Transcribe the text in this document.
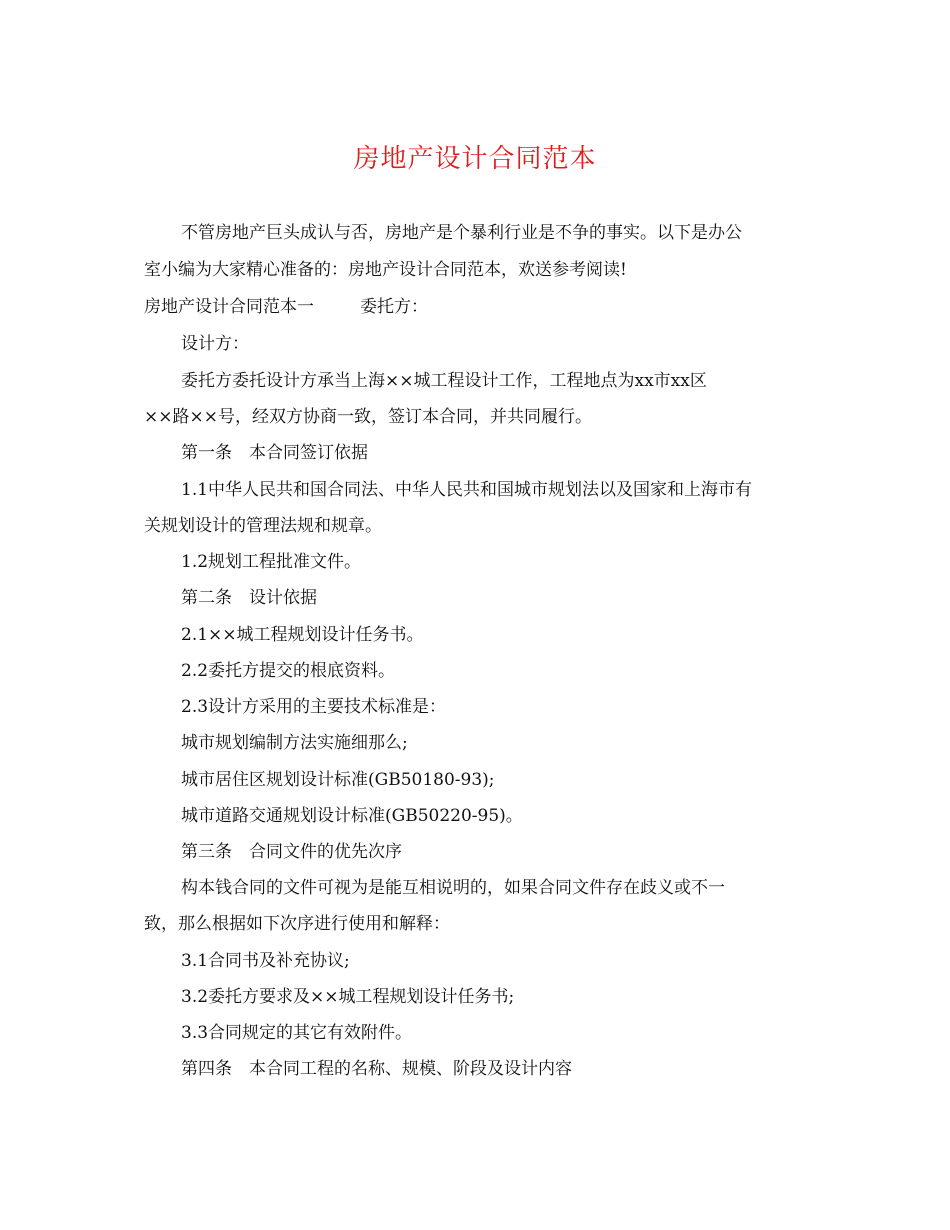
房地产设计合同范本
不管房地产巨头成认与否，房地产是个暴利行业是不争的事实。以下是办公
室小编为大家精心准备的：房地产设计合同范本，欢送参考阅读!
房地产设计合同范本一	委托方：
设计方：
委托方委托设计方承当上海××城工程设计工作，工程地点为xx市xx区
××路××号，经双方协商一致，签订本合同，并共同履行。
第一条　本合同签订依据
1.1中华人民共和国合同法、中华人民共和国城市规划法以及国家和上海市有
关规划设计的管理法规和规章。
1.2规划工程批准文件。
第二条　设计依据
2.1××城工程规划设计任务书。
2.2委托方提交的根底资料。
2.3设计方采用的主要技术标准是：
城市规划编制方法实施细那么;
城市居住区规划设计标准(GB50180-93);
城市道路交通规划设计标准(GB50220-95)。
第三条　合同文件的优先次序
构本钱合同的文件可视为是能互相说明的，如果合同文件存在歧义或不一
致，那么根据如下次序进行使用和解释：
3.1合同书及补充协议;
3.2委托方要求及××城工程规划设计任务书;
3.3合同规定的其它有效附件。
第四条　本合同工程的名称、规模、阶段及设计内容
